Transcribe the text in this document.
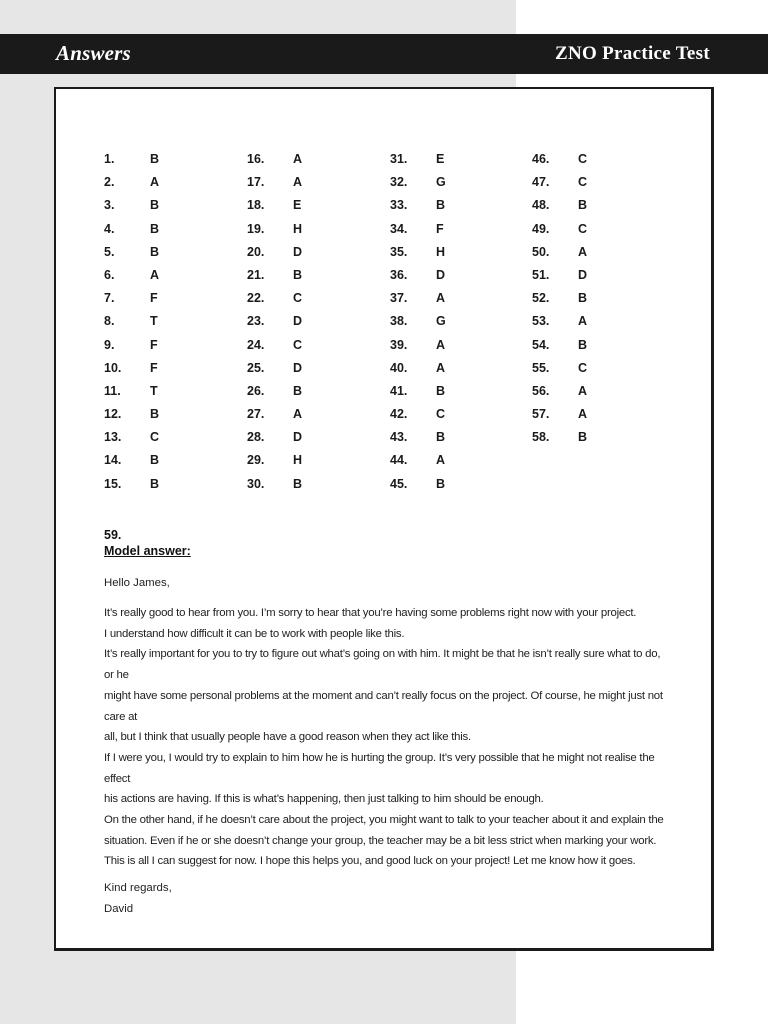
Answers	ZNO Practice Test
1.	B
2.	A
3.	B
4.	B
5.	B
6.	A
7.	F
8.	T
9.	F
10. F
11. T
12. B
13. C
14. B
15. B
16. A
17. A
18. E
19. H
20. D
21. B
22. C
23. D
24. C
25. D
26. B
27. A
28. D
29. H
30. B
31. E
32. G
33. B
34. F
35. H
36. D
37. A
38. G
39. A
40. A
41. B
42. C
43. B
44. A
45. B
46. C
47. C
48. B
49. C
50. A
51. D
52. B
53. A
54. B
55. C
56. A
57. A
58. B
59.
Model answer:
Hello James,
It’s really good to hear from you. I’m sorry to hear that you’re having some problems right now with your project.
I understand how difficult it can be to work with people like this.
It’s really important for you to try to figure out what’s going on with him. It might be that he isn’t really sure what to do, or he
might have some personal problems at the moment and can’t really focus on the project. Of course, he might just not care at
all, but I think that usually people have a good reason when they act like this.
If I were you, I would try to explain to him how he is hurting the group. It’s very possible that he might not realise the effect
his actions are having. If this is what’s happening, then just talking to him should be enough.
On the other hand, if he doesn’t care about the project, you might want to talk to your teacher about it and explain the
situation. Even if he or she doesn’t change your group, the teacher may be a bit less strict when marking your work.
This is all I can suggest for now. I hope this helps you, and good luck on your project! Let me know how it goes.
Kind regards,
David
